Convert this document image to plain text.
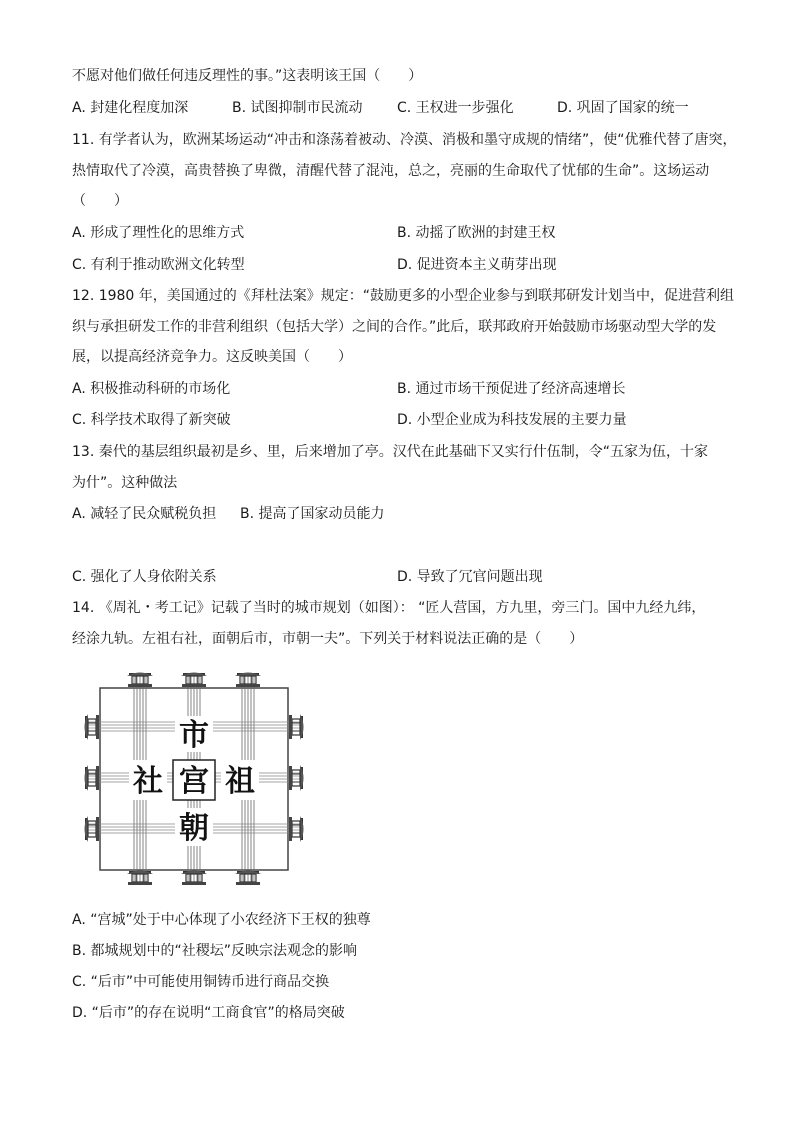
不愿对他们做任何违反理性的事。”这表明该王国（　　）
A. 封建化程度加深	B. 试图抑制市民流动 C. 王权进一步强化	D. 巩固了国家的统一
11. 有学者认为，欧洲某场运动“冲击和涤荡着被动、冷漠、消极和墨守成规的情绪”，使“优雅代替了唐突，
热情取代了冷漠，高贵替换了卑微，清醒代替了混沌，总之，亮丽的生命取代了忧郁的生命”。这场运动
（　　）
A. 形成了理性化的思维方式	B. 动摇了欧洲的封建王权
C. 有利于推动欧洲文化转型	D. 促进资本主义萌芽出现
12. 1980 年，美国通过的《拜杜法案》规定：“鼓励更多的小型企业参与到联邦研发计划当中，促进营利组
织与承担研发工作的非营利组织（包括大学）之间的合作。”此后，联邦政府开始鼓励市场驱动型大学的发
展，以提高经济竞争力。这反映美国（　　）
A. 积极推动科研的市场化	B. 通过市场干预促进了经济高速增长
C. 科学技术取得了新突破	D. 小型企业成为科技发展的主要力量
13. 秦代的基层组织最初是乡、里，后来增加了亭。汉代在此基础下又实行什伍制，令“五家为伍，十家
为什”。这种做法
A. 减轻了民众赋税负担 B. 提高了国家动员能力
C. 强化了人身依附关系	D. 导致了冗官问题出现
14. 《周礼・考工记》记载了当时的城市规划（如图）： “匠人营国，方九里，旁三门。国中九经九纬，
经涂九轨。左祖右社，面朝后市，市朝一夫”。下列关于材料说法正确的是（　　）
市
社 宫 祖
朝
A. “宫城”处于中心体现了小农经济下王权的独尊
B. 都城规划中的“社稷坛”反映宗法观念的影响
C. “后市”中可能使用铜铸币进行商品交换
D. “后市”的存在说明“工商食官”的格局突破
